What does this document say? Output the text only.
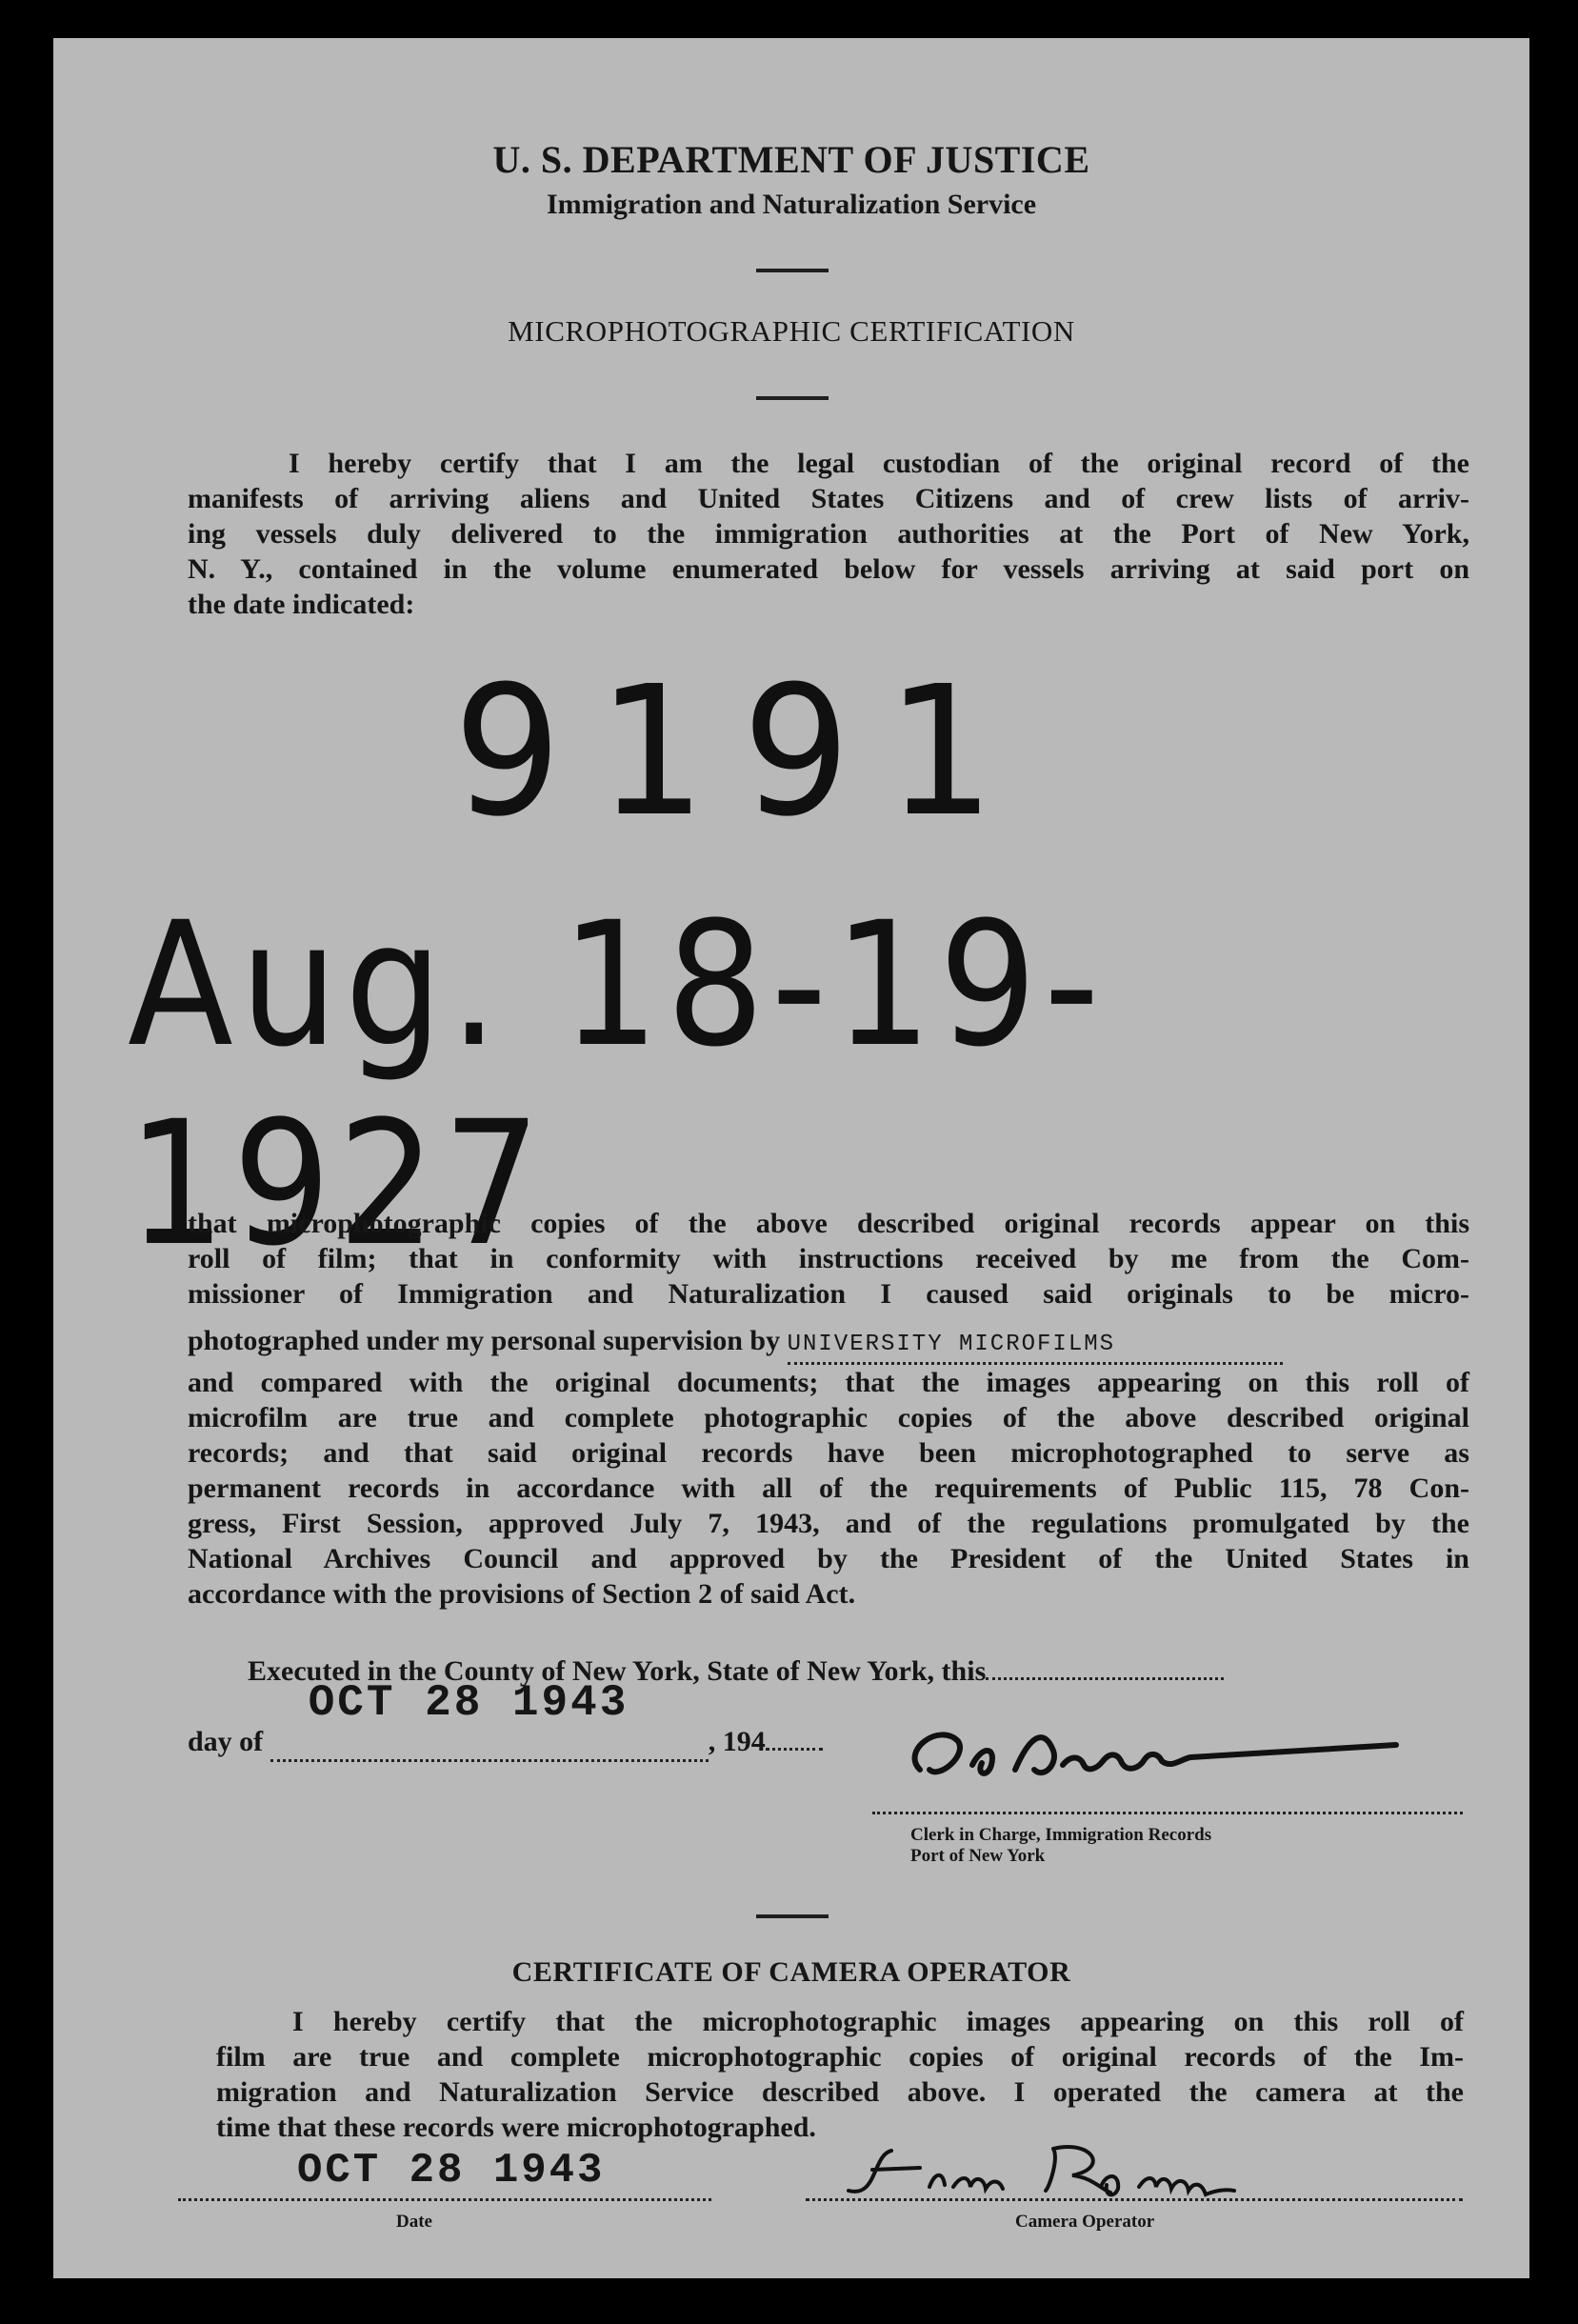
U. S. DEPARTMENT OF JUSTICE
Immigration and Naturalization Service
MICROPHOTOGRAPHIC CERTIFICATION
I hereby certify that I am the legal custodian of the original record of the
manifests of arriving aliens and United States Citizens and of crew lists of arriv-
ing vessels duly delivered to the immigration authorities at the Port of New York,
N. Y., contained in the volume enumerated below for vessels arriving at said port on
the date indicated:
9191
Aug. 18-19-1927
that microphotographic copies of the above described original records appear on this
roll of film; that in conformity with instructions received by me from the Com-
missioner of Immigration and Naturalization I caused said originals to be micro-
photographed under my personal supervision by UNIVERSITY MICROFILMS
and compared with the original documents; that the images appearing on this roll of
microfilm are true and complete photographic copies of the above described original
records; and that said original records have been microphotographed to serve as
permanent records in accordance with all of the requirements of Public 115, 78 Con-
gress, First Session, approved July 7, 1943, and of the regulations promulgated by the
National Archives Council and approved by the President of the United States in
accordance with the provisions of Section 2 of said Act.
Executed in the County of New York, State of New York, this
day of
OCT 28 1943
, 194
Clerk in Charge, Immigration Records
Port of New York
CERTIFICATE OF CAMERA OPERATOR
I hereby certify that the microphotographic images appearing on this roll of
film are true and complete microphotographic copies of original records of the Im-
migration and Naturalization Service described above. I operated the camera at the
time that these records were microphotographed.
OCT 28 1943
Date	Camera Operator
